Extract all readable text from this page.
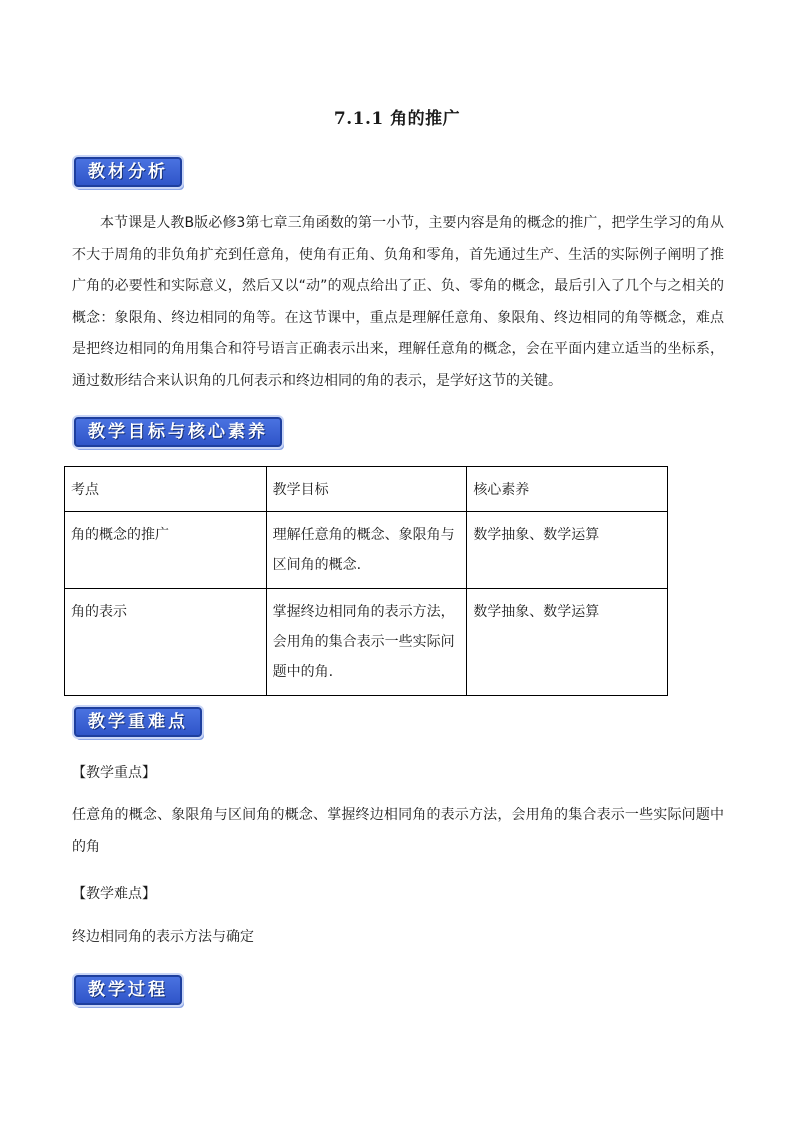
7.1.1 角的推广
教材分析

本节课是人教B版必修3第七章三角函数的第一小节，主要内容是角的概念的推广，把学生学习的角从不大于周角的非负角扩充到任意角，使角有正角、负角和零角，首先通过生产、生活的实际例子阐明了推广角的必要性和实际意义，然后又以“动”的观点给出了正、负、零角的概念，最后引入了几个与之相关的概念：象限角、终边相同的角等。在这节课中，重点是理解任意角、象限角、终边相同的角等概念，难点是把终边相同的角用集合和符号语言正确表示出来，理解任意角的概念，会在平面内建立适当的坐标系，通过数形结合来认识角的几何表示和终边相同的角的表示，是学好这节的关键。

教学目标与核心素养
考点	教学目标	核心素养
角的概念的推广	理解任意角的概念、象限角与区间角的概念.	数学抽象、数学运算
角的表示	掌握终边相同角的表示方法，会用角的集合表示一些实际问题中的角.	数学抽象、数学运算
教学重难点
【教学重点】

任意角的概念、象限角与区间角的概念、掌握终边相同角的表示方法，会用角的集合表示一些实际问题中的角

【教学难点】

终边相同角的表示方法与确定

教学过程
